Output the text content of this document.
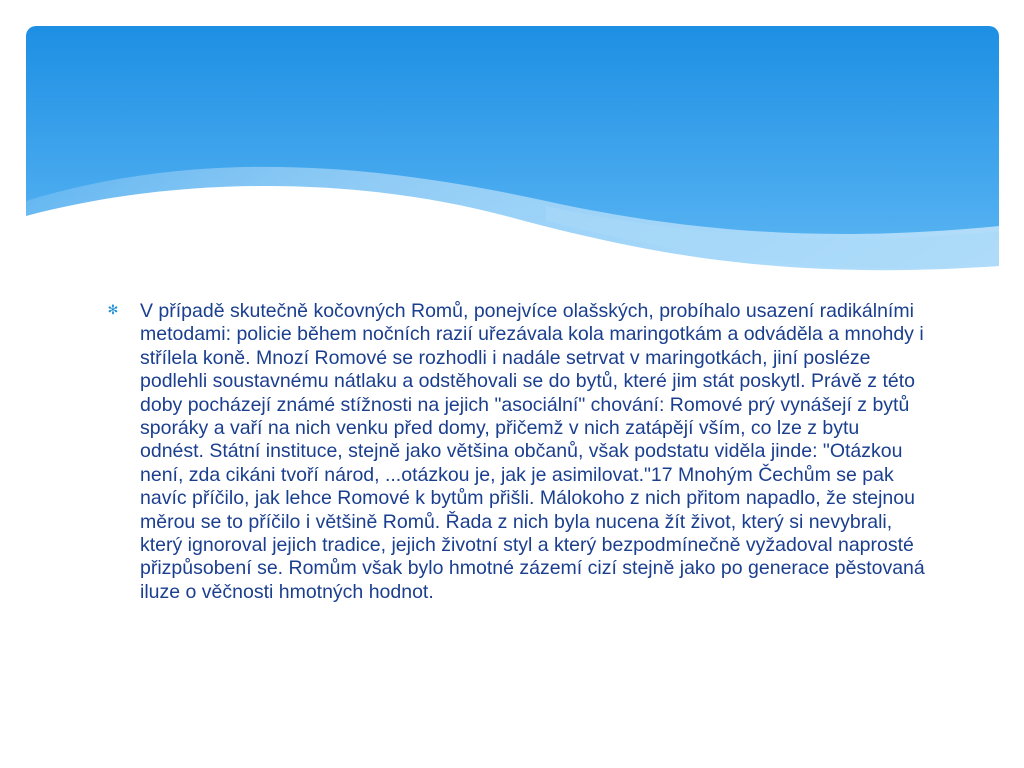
✻ V případě skutečně kočovných Romů, ponejvíce olašských, probíhalo usazení radikálními metodami: policie během nočních razií uřezávala kola maringotkám a odváděla a mnohdy i střílela koně. Mnozí Romové se rozhodli i nadále setrvat v maringotkách, jiní posléze podlehli soustavnému nátlaku a odstěhovali se do bytů, které jim stát poskytl. Právě z této doby pocházejí známé stížnosti na jejich "asociální" chování: Romové prý vynášejí z bytů sporáky a vaří na nich venku před domy, přičemž v nich zatápějí vším, co lze z bytu odnést. Státní instituce, stejně jako většina občanů, však podstatu viděla jinde: "Otázkou není, zda cikáni tvoří národ, ...otázkou je, jak je asimilovat."17 Mnohým Čechům se pak navíc příčilo, jak lehce Romové k bytům přišli. Málokoho z nich přitom napadlo, že stejnou měrou se to příčilo i většině Romů. Řada z nich byla nucena žít život, který si nevybrali, který ignoroval jejich tradice, jejich životní styl a který bezpodmínečně vyžadoval naprosté přizpůsobení se. Romům však bylo hmotné zázemí cizí stejně jako po generace pěstovaná iluze o věčnosti hmotných hodnot.
